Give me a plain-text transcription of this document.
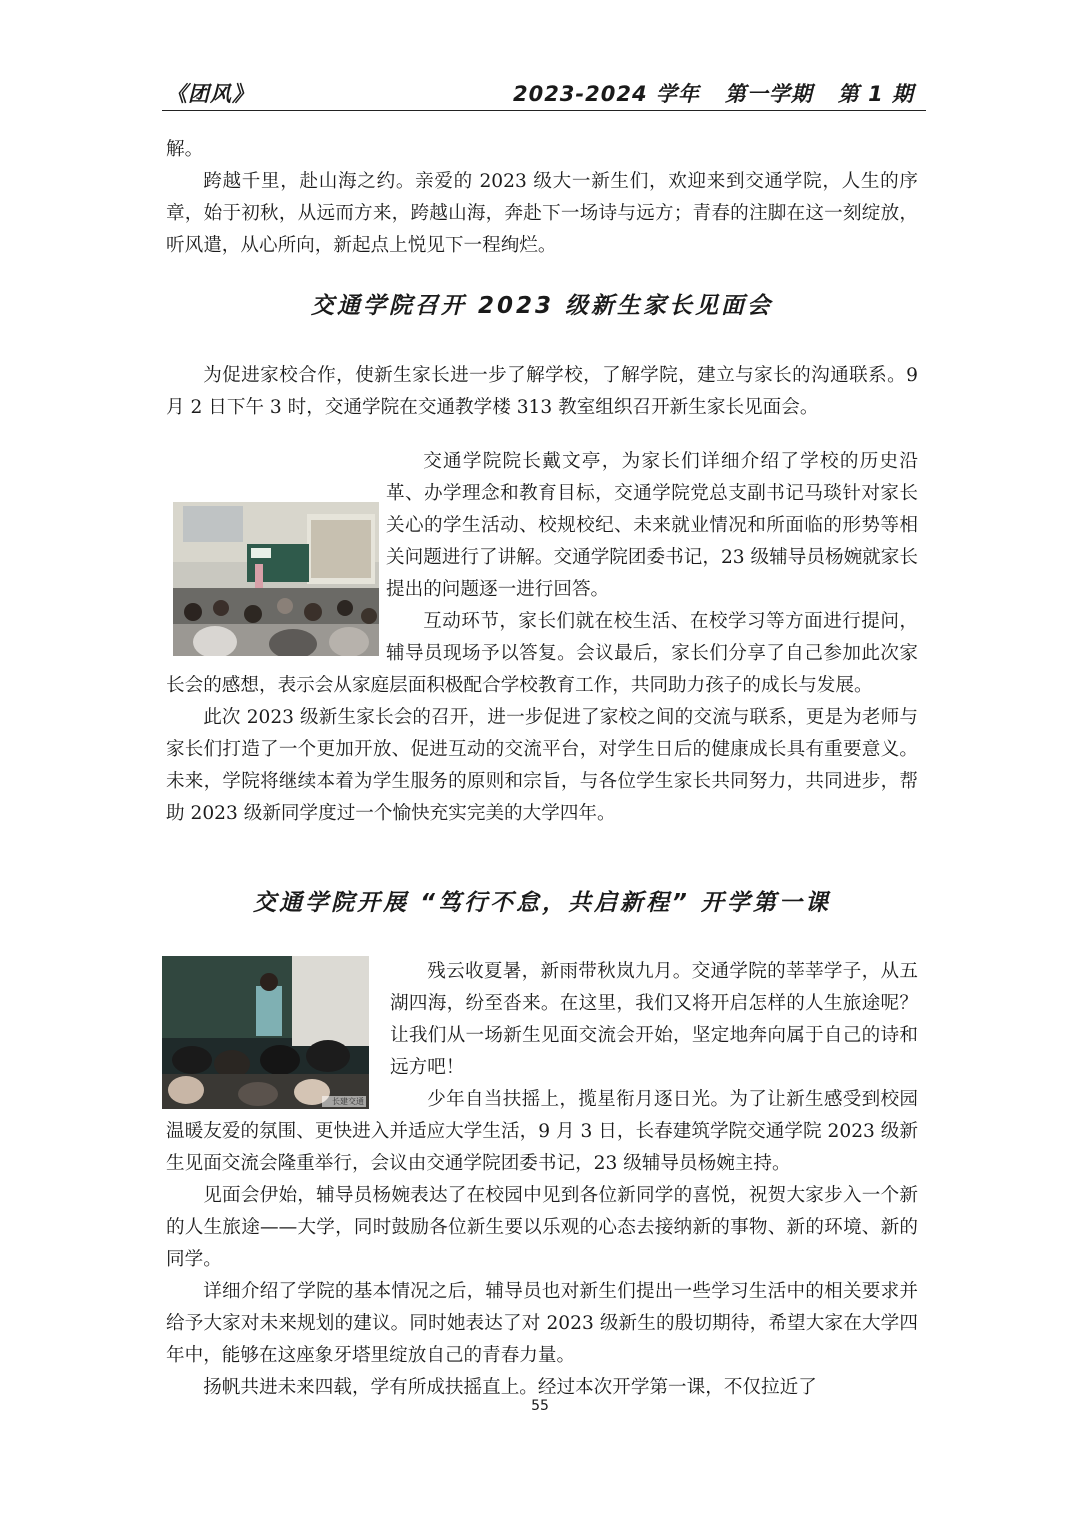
《团风》	2023-2024 学年   第一学期   第 1 期

解。

跨越千里，赴山海之约。亲爱的 2023 级大一新生们，欢迎来到交通学院，人生的序章，始于初秋，从远而方来，跨越山海，奔赴下一场诗与远方；青春的注脚在这一刻绽放，听风遣，从心所向，新起点上悦见下一程绚烂。

交通学院召开 2023 级新生家长见面会

为促进家校合作，使新生家长进一步了解学校，了解学院，建立与家长的沟通联系。9 月 2 日下午 3 时，交通学院在交通教学楼 313 教室组织召开新生家长见面会。

交通学院院长戴文亭，为家长们详细介绍了学校的历史沿革、办学理念和教育目标，交通学院党总支副书记马琰针对家长关心的学生活动、校规校纪、未来就业情况和所面临的形势等相关问题进行了讲解。交通学院团委书记，23 级辅导员杨婉就家长提出的问题逐一进行回答。

互动环节，家长们就在校生活、在校学习等方面进行提问，辅导员现场予以答复。会议最后，家长们分享了自己参加此次家长会的感想，表示会从家庭层面积极配合学校教育工作，共同助力孩子的成长与发展。

此次 2023 级新生家长会的召开，进一步促进了家校之间的交流与联系，更是为老师与家长们打造了一个更加开放、促进互动的交流平台，对学生日后的健康成长具有重要意义。未来，学院将继续本着为学生服务的原则和宗旨，与各位学生家长共同努力，共同进步，帮助 2023 级新同学度过一个愉快充实完美的大学四年。

交通学院开展 “笃行不怠，共启新程” 开学第一课

残云收夏暑，新雨带秋岚九月。交通学院的莘莘学子，从五湖四海，纷至沓来。在这里，我们又将开启怎样的人生旅途呢？让我们从一场新生见面交流会开始，坚定地奔向属于自己的诗和远方吧！

少年自当扶摇上，揽星衔月逐日光。为了让新生感受到校园温暖友爱的氛围、更快进入并适应大学生活，9 月 3 日，长春建筑学院交通学院 2023 级新生见面交流会隆重举行，会议由交通学院团委书记，23 级辅导员杨婉主持。

见面会伊始，辅导员杨婉表达了在校园中见到各位新同学的喜悦，祝贺大家步入一个新的人生旅途——大学，同时鼓励各位新生要以乐观的心态去接纳新的事物、新的环境、新的同学。

详细介绍了学院的基本情况之后，辅导员也对新生们提出一些学习生活中的相关要求并给予大家对未来规划的建议。同时她表达了对 2023 级新生的殷切期待，希望大家在大学四年中，能够在这座象牙塔里绽放自己的青春力量。

扬帆共进未来四载，学有所成扶摇直上。经过本次开学第一课，不仅拉近了

长建交通
55
